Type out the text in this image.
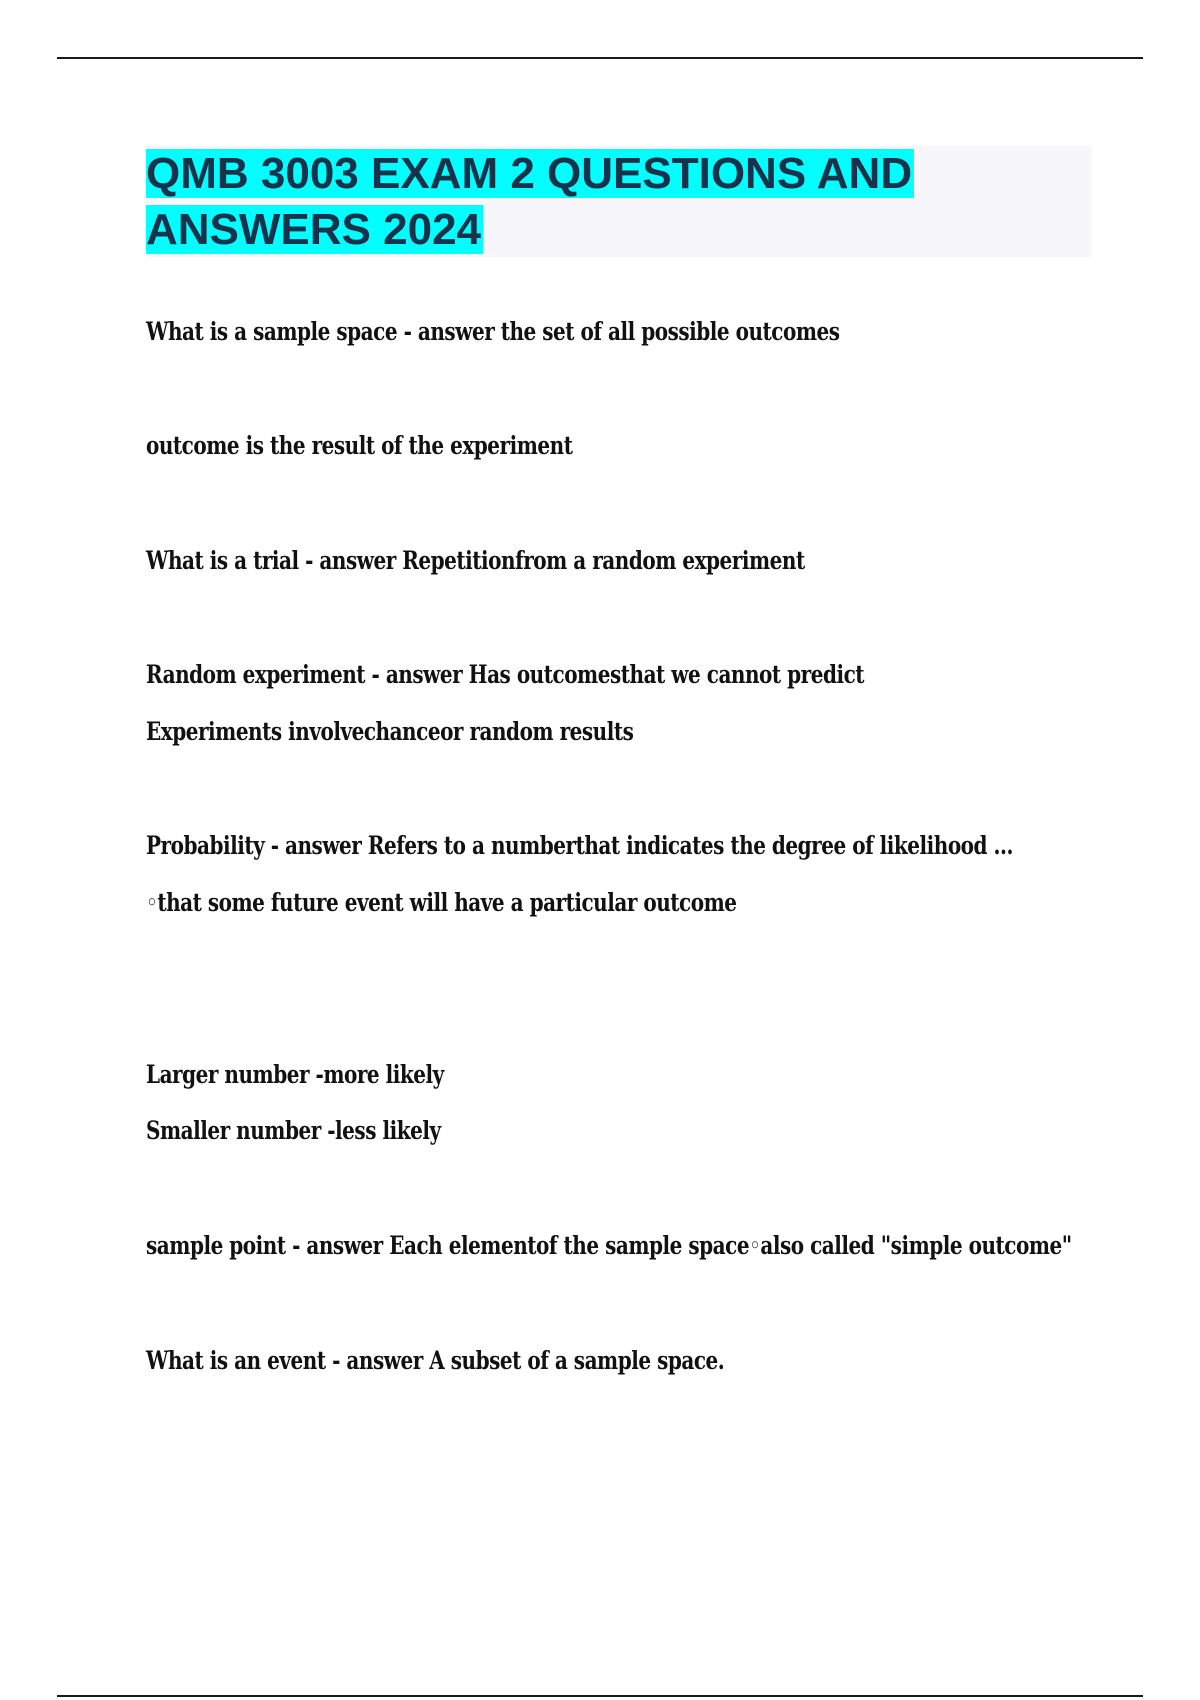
QMB 3003 EXAM 2 QUESTIONS AND ANSWERS 2024
What is a sample space - answer the set of all possible outcomes
outcome is the result of the experiment
What is a trial - answer Repetitionfrom a random experiment
Random experiment - answer Has outcomesthat we cannot predict
Experiments involvechanceor random results
Probability - answer Refers to a numberthat indicates the degree of likelihood ...
◦that some future event will have a particular outcome
Larger number -more likely
Smaller number -less likely
sample point - answer Each elementof the sample space◦also called "simple outcome"
What is an event - answer A subset of a sample space.
